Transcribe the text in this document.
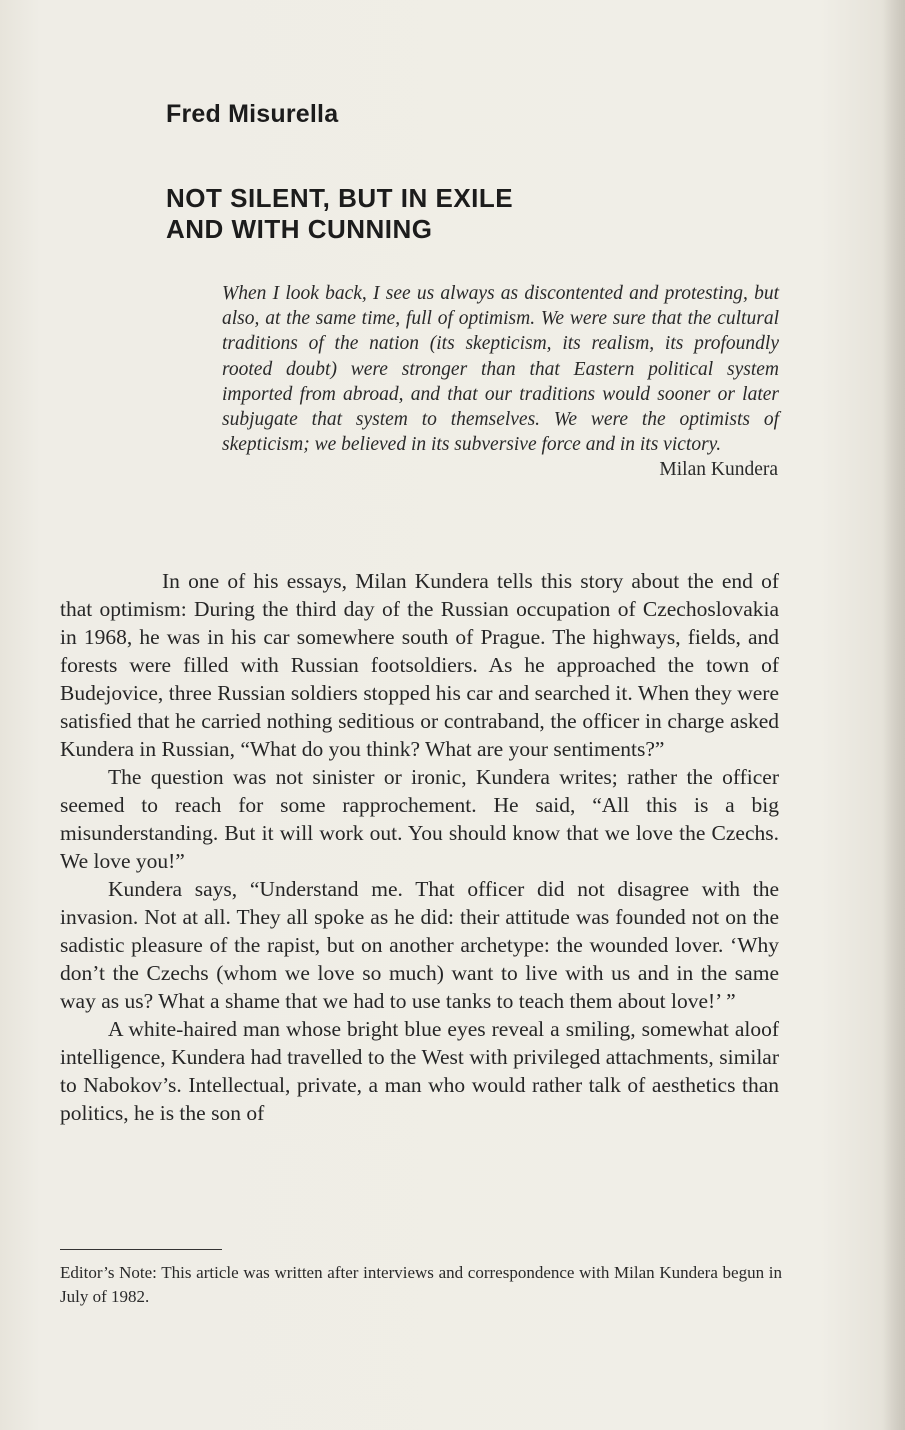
Fred Misurella
NOT SILENT, BUT IN EXILE
AND WITH CUNNING

When I look back, I see us always as discontented and protesting, but also, at the same time, full of optimism. We were sure that the cultural traditions of the nation (its skepticism, its realism, its profoundly rooted doubt) were stronger than that Eastern political system imported from abroad, and that our traditions would sooner or later subjugate that system to themselves. We were the optimists of skepticism; we believed in its subversive force and in its victory.

Milan Kundera

In one of his essays, Milan Kundera tells this story about the end of that optimism: During the third day of the Russian occupation of Czechoslovakia in 1968, he was in his car somewhere south of Prague. The highways, fields, and forests were filled with Russian footsoldiers. As he approached the town of Budejovice, three Russian soldiers stopped his car and searched it. When they were satisfied that he carried nothing seditious or contraband, the officer in charge asked Kundera in Russian, “What do you think? What are your sentiments?”

The question was not sinister or ironic, Kundera writes; rather the officer seemed to reach for some rapprochement. He said, “All this is a big misunderstanding. But it will work out. You should know that we love the Czechs. We love you!”

Kundera says, “Understand me. That officer did not disagree with the invasion. Not at all. They all spoke as he did: their attitude was founded not on the sadistic pleasure of the rapist, but on another archetype: the wounded lover. ‘Why don’t the Czechs (whom we love so much) want to live with us and in the same way as us? What a shame that we had to use tanks to teach them about love!’ ”

A white-haired man whose bright blue eyes reveal a smiling, somewhat aloof intelligence, Kundera had travelled to the West with privileged attachments, similar to Nabokov’s. Intellectual, private, a man who would rather talk of aesthetics than politics, he is the son of

Editor’s Note: This article was written after interviews and correspondence with Milan Kundera begun in July of 1982.
